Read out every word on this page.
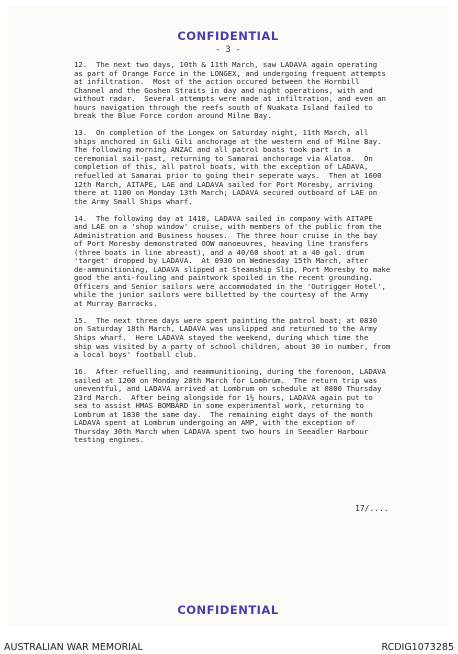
CONFIDENTIAL
- 3 -
12.  The next two days, 10th & 11th March, saw LADAVA again operating
as part of Orange Force in the LONGEX, and undergoing frequent attempts
at infiltration.  Most of the action occured between the Hornbill
Channel and the Goshen Straits in day and night operations, with and
without radar.  Several attempts were made at infiltration, and even an
hours navigation through the reefs south of Nuakata Island failed to
break the Blue Force cordon around Milne Bay.
13.  On completion of the Longex on Saturday night, 11th March, all
ships anchored in Gili Gili anchorage at the western end of Milne Bay.
The following morning ANZAC and all patrol boats took part in a
ceremonial sail-past, returning to Samarai anchorage via Alatoa.  On
completion of this, all patrol boats, with the exception of LADAVA,
refuelled at Samarai prior to going their seperate ways.  Then at 1600
12th March, AITAPE, LAE and LADAVA sailed for Port Moresby, arriving
there at 1100 on Monday 13th March; LADAVA secured outboard of LAE on
the Army Small Ships wharf.
14.  The following day at 1410, LADAVA sailed in company with AITAPE
and LAE on a 'shop window' cruise, with members of the public from the
Administration and Business houses.  The three hour cruise in the bay
of Port Moresby demonstrated OOW manoeuvres, heaving line transfers
(three boats in line abreast), and a 40/60 shoot at a 40 gal. drum
'target' dropped by LADAVA.  At 0930 on Wednesday 15th March, after
de-ammunitioning, LADAVA slipped at Steamship Slip, Port Moresby to make
good the anti-fouling and paintwork spoiled in the recent grounding.
Officers and Senior sailors were accommodated in the 'Outrigger Hotel',
while the junior sailors were billetted by the courtesy of the Army
at Murray Barracks.
15.  The next three days were spent painting the patrol boat; at 0830
on Saturday 18th March, LADAVA was unslipped and returned to the Army
Ships wharf.  Here LADAVA stayed the weekend, during which time the
ship was visited by a party of school children, about 30 in number, from
a local boys' football club.
16.  After refuelling, and reammunitioning, during the forenoon, LADAVA
sailed at 1200 on Monday 20th March for Lombrum.  The return trip was
uneventful, and LADAVA arrived at Lombrum on schedule at 0800 Thursday
23rd March.  After being alongside for 1½ hours, LADAVA again put to
sea to assist HMAS BOMBARD in some experimental work, returning to
Lombrum at 1830 the same day.  The remaining eight days of the month
LADAVA spent at Lombrum undergoing an AMP, with the exception of
Thursday 30th March when LADAVA spent two hours in Seeadler Harbour
testing engines.
17/....
CONFIDENTIAL
AUSTRALIAN WAR MEMORIAL	RCDIG1073285
